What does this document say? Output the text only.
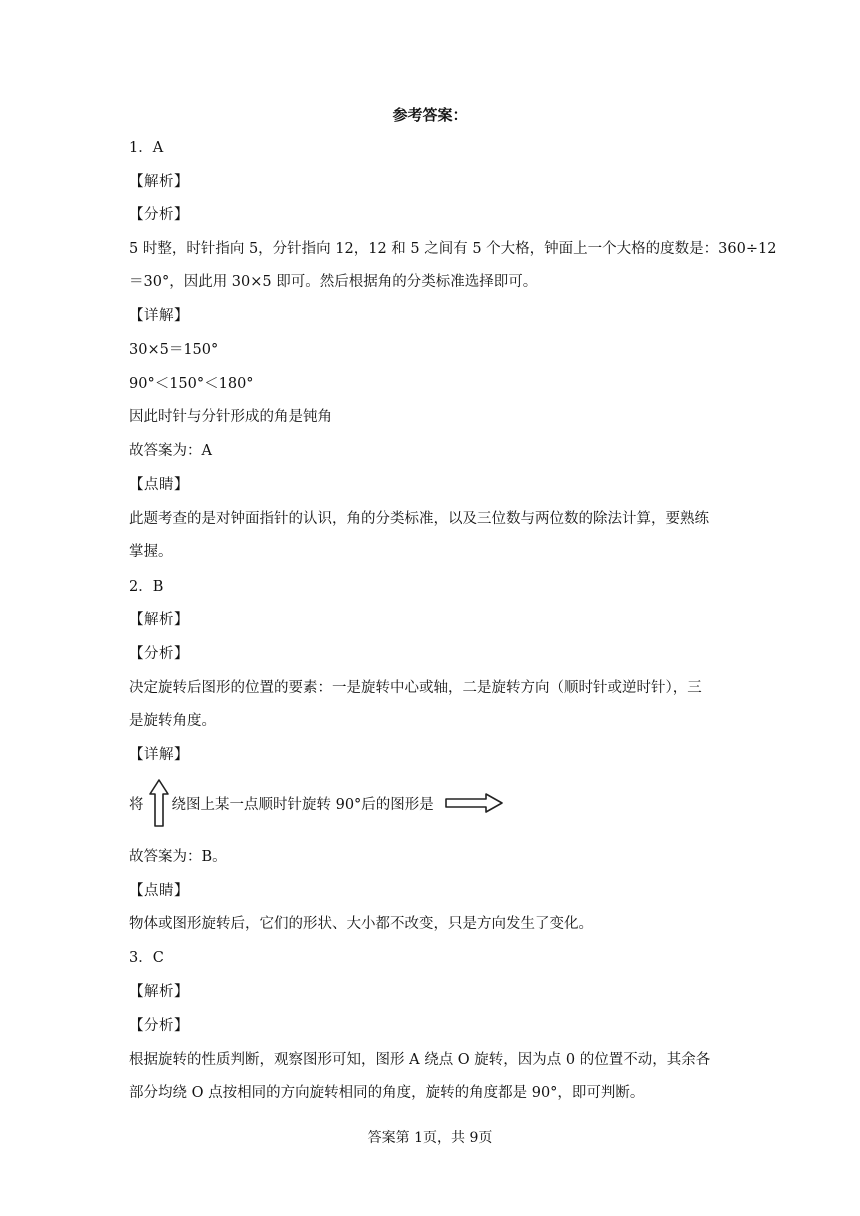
参考答案：
1．A
【解析】
【分析】
5 时整，时针指向 5，分针指向 12，12 和 5 之间有 5 个大格，钟面上一个大格的度数是：360÷12
＝30°，因此用 30×5 即可。然后根据角的分类标准选择即可。
【详解】
30×5＝150°
90°＜150°＜180°
因此时针与分针形成的角是钝角
故答案为：A
【点睛】
此题考查的是对钟面指针的认识，角的分类标准，以及三位数与两位数的除法计算，要熟练
掌握。
2．B
【解析】
【分析】
决定旋转后图形的位置的要素：一是旋转中心或轴，二是旋转方向（顺时针或逆时针），三
是旋转角度。
【详解】
将 绕图上某一点顺时针旋转 90°后的图形是
故答案为：B。
【点睛】
物体或图形旋转后，它们的形状、大小都不改变，只是方向发生了变化。
3．C
【解析】
【分析】
根据旋转的性质判断，观察图形可知，图形 A 绕点 O 旋转，因为点 0 的位置不动，其余各
部分均绕 O 点按相同的方向旋转相同的角度，旋转的角度都是 90°，即可判断。
答案第 1页，共 9页
